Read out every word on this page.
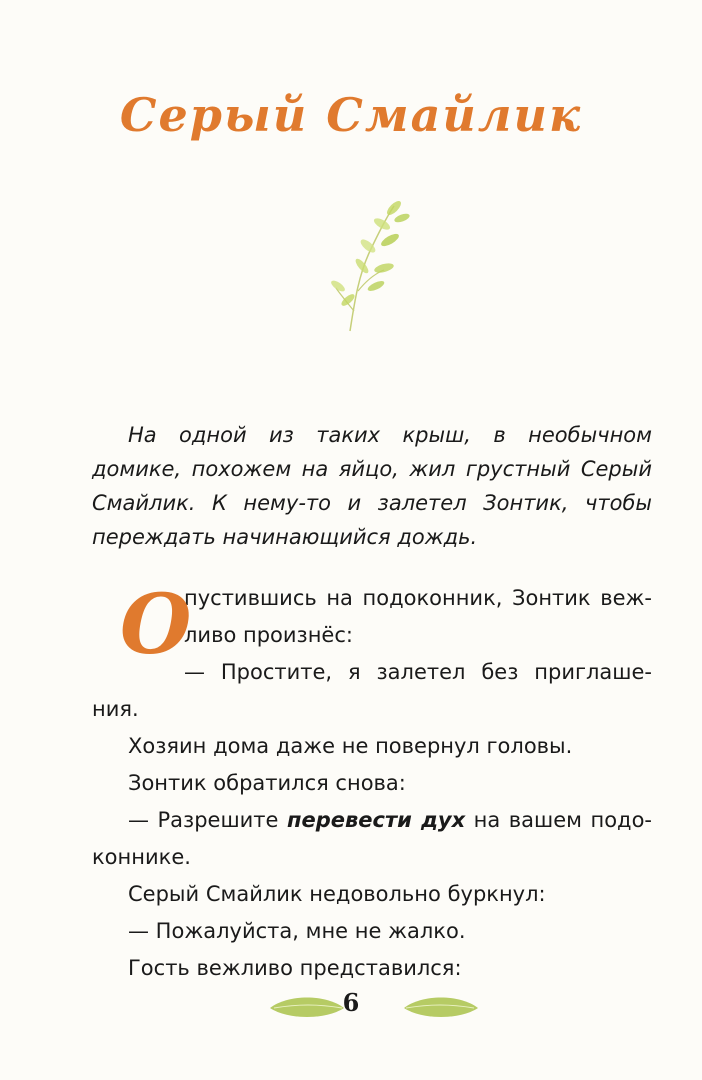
Серый Смайлик

На одной из таких крыш, в необычном домике, похожем на яйцо, жил грустный Серый Смайлик. К нему-то и залетел Зонтик, чтобы переждать начинающийся дождь.

О
пустившись на подоконник, Зонтик веж-
ливо произнёс:
— Простите, я залетел без приглаше-
ния.
Хозяин дома даже не повернул головы.
Зонтик обратился снова:
— Разрешите перевести дух на вашем подо-
коннике.
Серый Смайлик недовольно буркнул:
— Пожалуйста, мне не жалко.
Гость вежливо представился:
6
